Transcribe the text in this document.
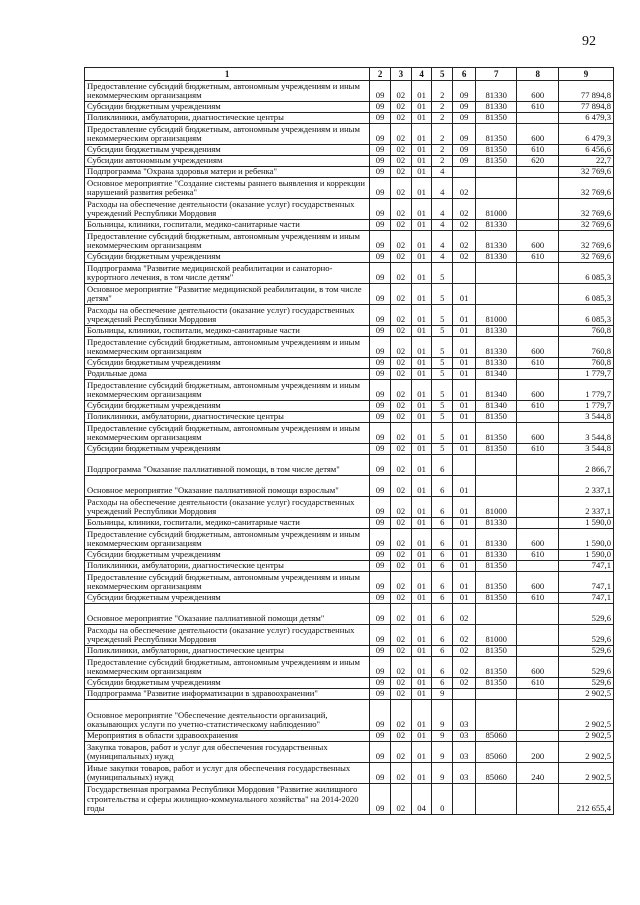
92
1	2	3	4	5	6	7	8	9
Предоставление субсидий бюджетным, автономным учреждениям и иным некоммерческим организациям	09	02	01	2	09	81330	600	77 894,8
Субсидии бюджетным учреждениям	09	02	01	2	09	81330	610	77 894,8
Поликлиники, амбулатории, диагностические центры	09	02	01	2	09	81350		6 479,3
Предоставление субсидий бюджетным, автономным учреждениям и иным некоммерческим организациям	09	02	01	2	09	81350	600	6 479,3
Субсидии бюджетным учреждениям	09	02	01	2	09	81350	610	6 456,6
Субсидии автономным учреждениям	09	02	01	2	09	81350	620	22,7
Подпрограмма "Охрана здоровья матери и ребенка"	09	02	01	4				32 769,6
Основное мероприятие "Создание системы раннего выявления и коррекции нарушений развития ребенка"	09	02	01	4	02			32 769,6
Расходы на обеспечение деятельности (оказание услуг) государственных учреждений Республики Мордовия	09	02	01	4	02	81000		32 769,6
Больницы, клиники, госпитали, медико-санитарные части	09	02	01	4	02	81330		32 769,6
Предоставление субсидий бюджетным, автономным учреждениям и иным некоммерческим организациям	09	02	01	4	02	81330	600	32 769,6
Субсидии бюджетным учреждениям	09	02	01	4	02	81330	610	32 769,6
Подпрограмма "Развитие медицинской реабилитации и санаторно-курортного лечения, в том числе детям"	09	02	01	5				6 085,3
Основное мероприятие "Развитие медицинской реабилитации, в том числе детям"	09	02	01	5	01			6 085,3
Расходы на обеспечение деятельности (оказание услуг) государственных учреждений Республики Мордовия	09	02	01	5	01	81000		6 085,3
Больницы, клиники, госпитали, медико-санитарные части	09	02	01	5	01	81330		760,8
Предоставление субсидий бюджетным, автономным учреждениям и иным некоммерческим организациям	09	02	01	5	01	81330	600	760,8
Субсидии бюджетным учреждениям	09	02	01	5	01	81330	610	760,8
Родильные дома	09	02	01	5	01	81340		1 779,7
Предоставление субсидий бюджетным, автономным учреждениям и иным некоммерческим организациям	09	02	01	5	01	81340	600	1 779,7
Субсидии бюджетным учреждениям	09	02	01	5	01	81340	610	1 779,7
Поликлиники, амбулатории, диагностические центры	09	02	01	5	01	81350		3 544,8
Предоставление субсидий бюджетным, автономным учреждениям и иным некоммерческим организациям	09	02	01	5	01	81350	600	3 544,8
Субсидии бюджетным учреждениям	09	02	01	5	01	81350	610	3 544,8
Подпрограмма "Оказание паллиативной помощи, в том числе детям"	09	02	01	6				2 866,7
Основное мероприятие "Оказание паллиативной помощи взрослым"	09	02	01	6	01			2 337,1
Расходы на обеспечение деятельности (оказание услуг) государственных учреждений Республики Мордовия	09	02	01	6	01	81000		2 337,1
Больницы, клиники, госпитали, медико-санитарные части	09	02	01	6	01	81330		1 590,0
Предоставление субсидий бюджетным, автономным учреждениям и иным некоммерческим организациям	09	02	01	6	01	81330	600	1 590,0
Субсидии бюджетным учреждениям	09	02	01	6	01	81330	610	1 590,0
Поликлиники, амбулатории, диагностические центры	09	02	01	6	01	81350		747,1
Предоставление субсидий бюджетным, автономным учреждениям и иным некоммерческим организациям	09	02	01	6	01	81350	600	747,1
Субсидии бюджетным учреждениям	09	02	01	6	01	81350	610	747,1
Основное мероприятие "Оказание паллиативной помощи детям"	09	02	01	6	02			529,6
Расходы на обеспечение деятельности (оказание услуг) государственных учреждений Республики Мордовия	09	02	01	6	02	81000		529,6
Поликлиники, амбулатории, диагностические центры	09	02	01	6	02	81350		529,6
Предоставление субсидий бюджетным, автономным учреждениям и иным некоммерческим организациям	09	02	01	6	02	81350	600	529,6
Субсидии бюджетным учреждениям	09	02	01	6	02	81350	610	529,6
Подпрограмма "Развитие информатизации в здравоохранении"	09	02	01	9				2 902,5
Основное мероприятие "Обеспечение деятельности организаций, оказывающих услуги по учетно-статистическому наблюдению"	09	02	01	9	03			2 902,5
Мероприятия в области здравоохранения	09	02	01	9	03	85060		2 902,5
Закупка товаров, работ и услуг для обеспечения государственных (муниципальных) нужд	09	02	01	9	03	85060	200	2 902,5
Иные закупки товаров, работ и услуг для обеспечения государственных (муниципальных) нужд	09	02	01	9	03	85060	240	2 902,5
Государственная программа Республики Мордовия "Развитие жилищного строительства и сферы жилищно-коммунального хозяйства" на 2014-2020 годы	09	02	04	0				212 655,4
